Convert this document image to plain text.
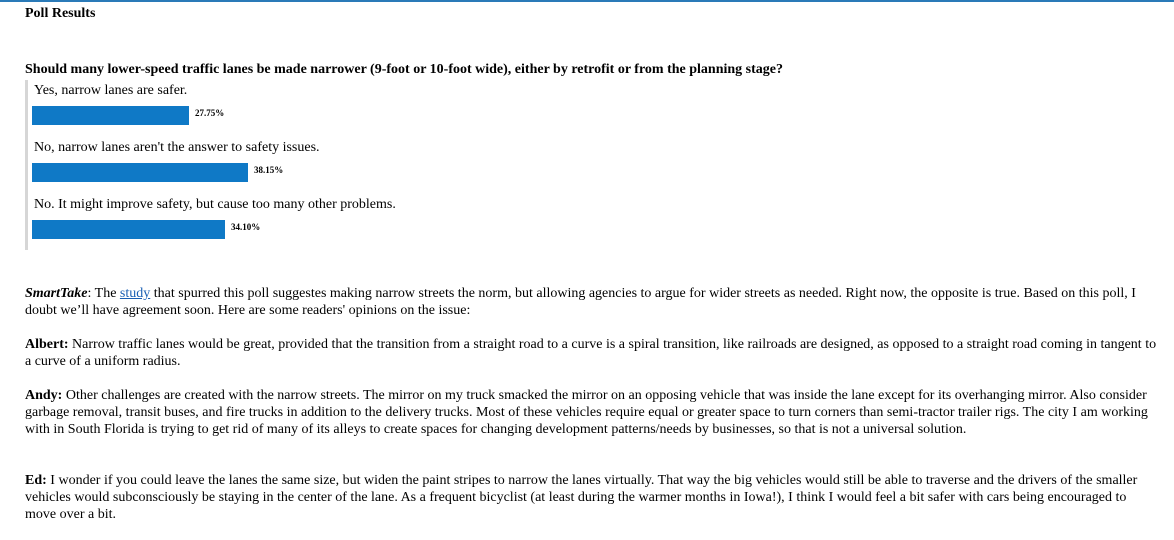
Poll Results
Should many lower-speed traffic lanes be made narrower (9-foot or 10-foot wide), either by retrofit or from the planning stage?
Yes, narrow lanes are safer.
27.75%
No, narrow lanes aren't the answer to safety issues.
38.15%
No. It might improve safety, but cause too many other problems.
34.10%

SmartTake: The study that spurred this poll suggestes making narrow streets the norm, but allowing agencies to argue for wider streets as needed. Right now, the opposite is true. Based on this poll, I doubt we’ll have agreement soon. Here are some readers' opinions on the issue:

Albert: Narrow traffic lanes would be great, provided that the transition from a straight road to a curve is a spiral transition, like railroads are designed, as opposed to a straight road coming in tangent to a curve of a uniform radius.

Andy: Other challenges are created with the narrow streets. The mirror on my truck smacked the mirror on an opposing vehicle that was inside the lane except for its overhanging mirror. Also consider garbage removal, transit buses, and fire trucks in addition to the delivery trucks. Most of these vehicles require equal or greater space to turn corners than semi-tractor trailer rigs. The city I am working with in South Florida is trying to get rid of many of its alleys to create spaces for changing development patterns/needs by businesses, so that is not a universal solution.

Ed: I wonder if you could leave the lanes the same size, but widen the paint stripes to narrow the lanes virtually. That way the big vehicles would still be able to traverse and the drivers of the smaller vehicles would subconsciously be staying in the center of the lane. As a frequent bicyclist (at least during the warmer months in Iowa!), I think I would feel a bit safer with cars being encouraged to move over a bit.
